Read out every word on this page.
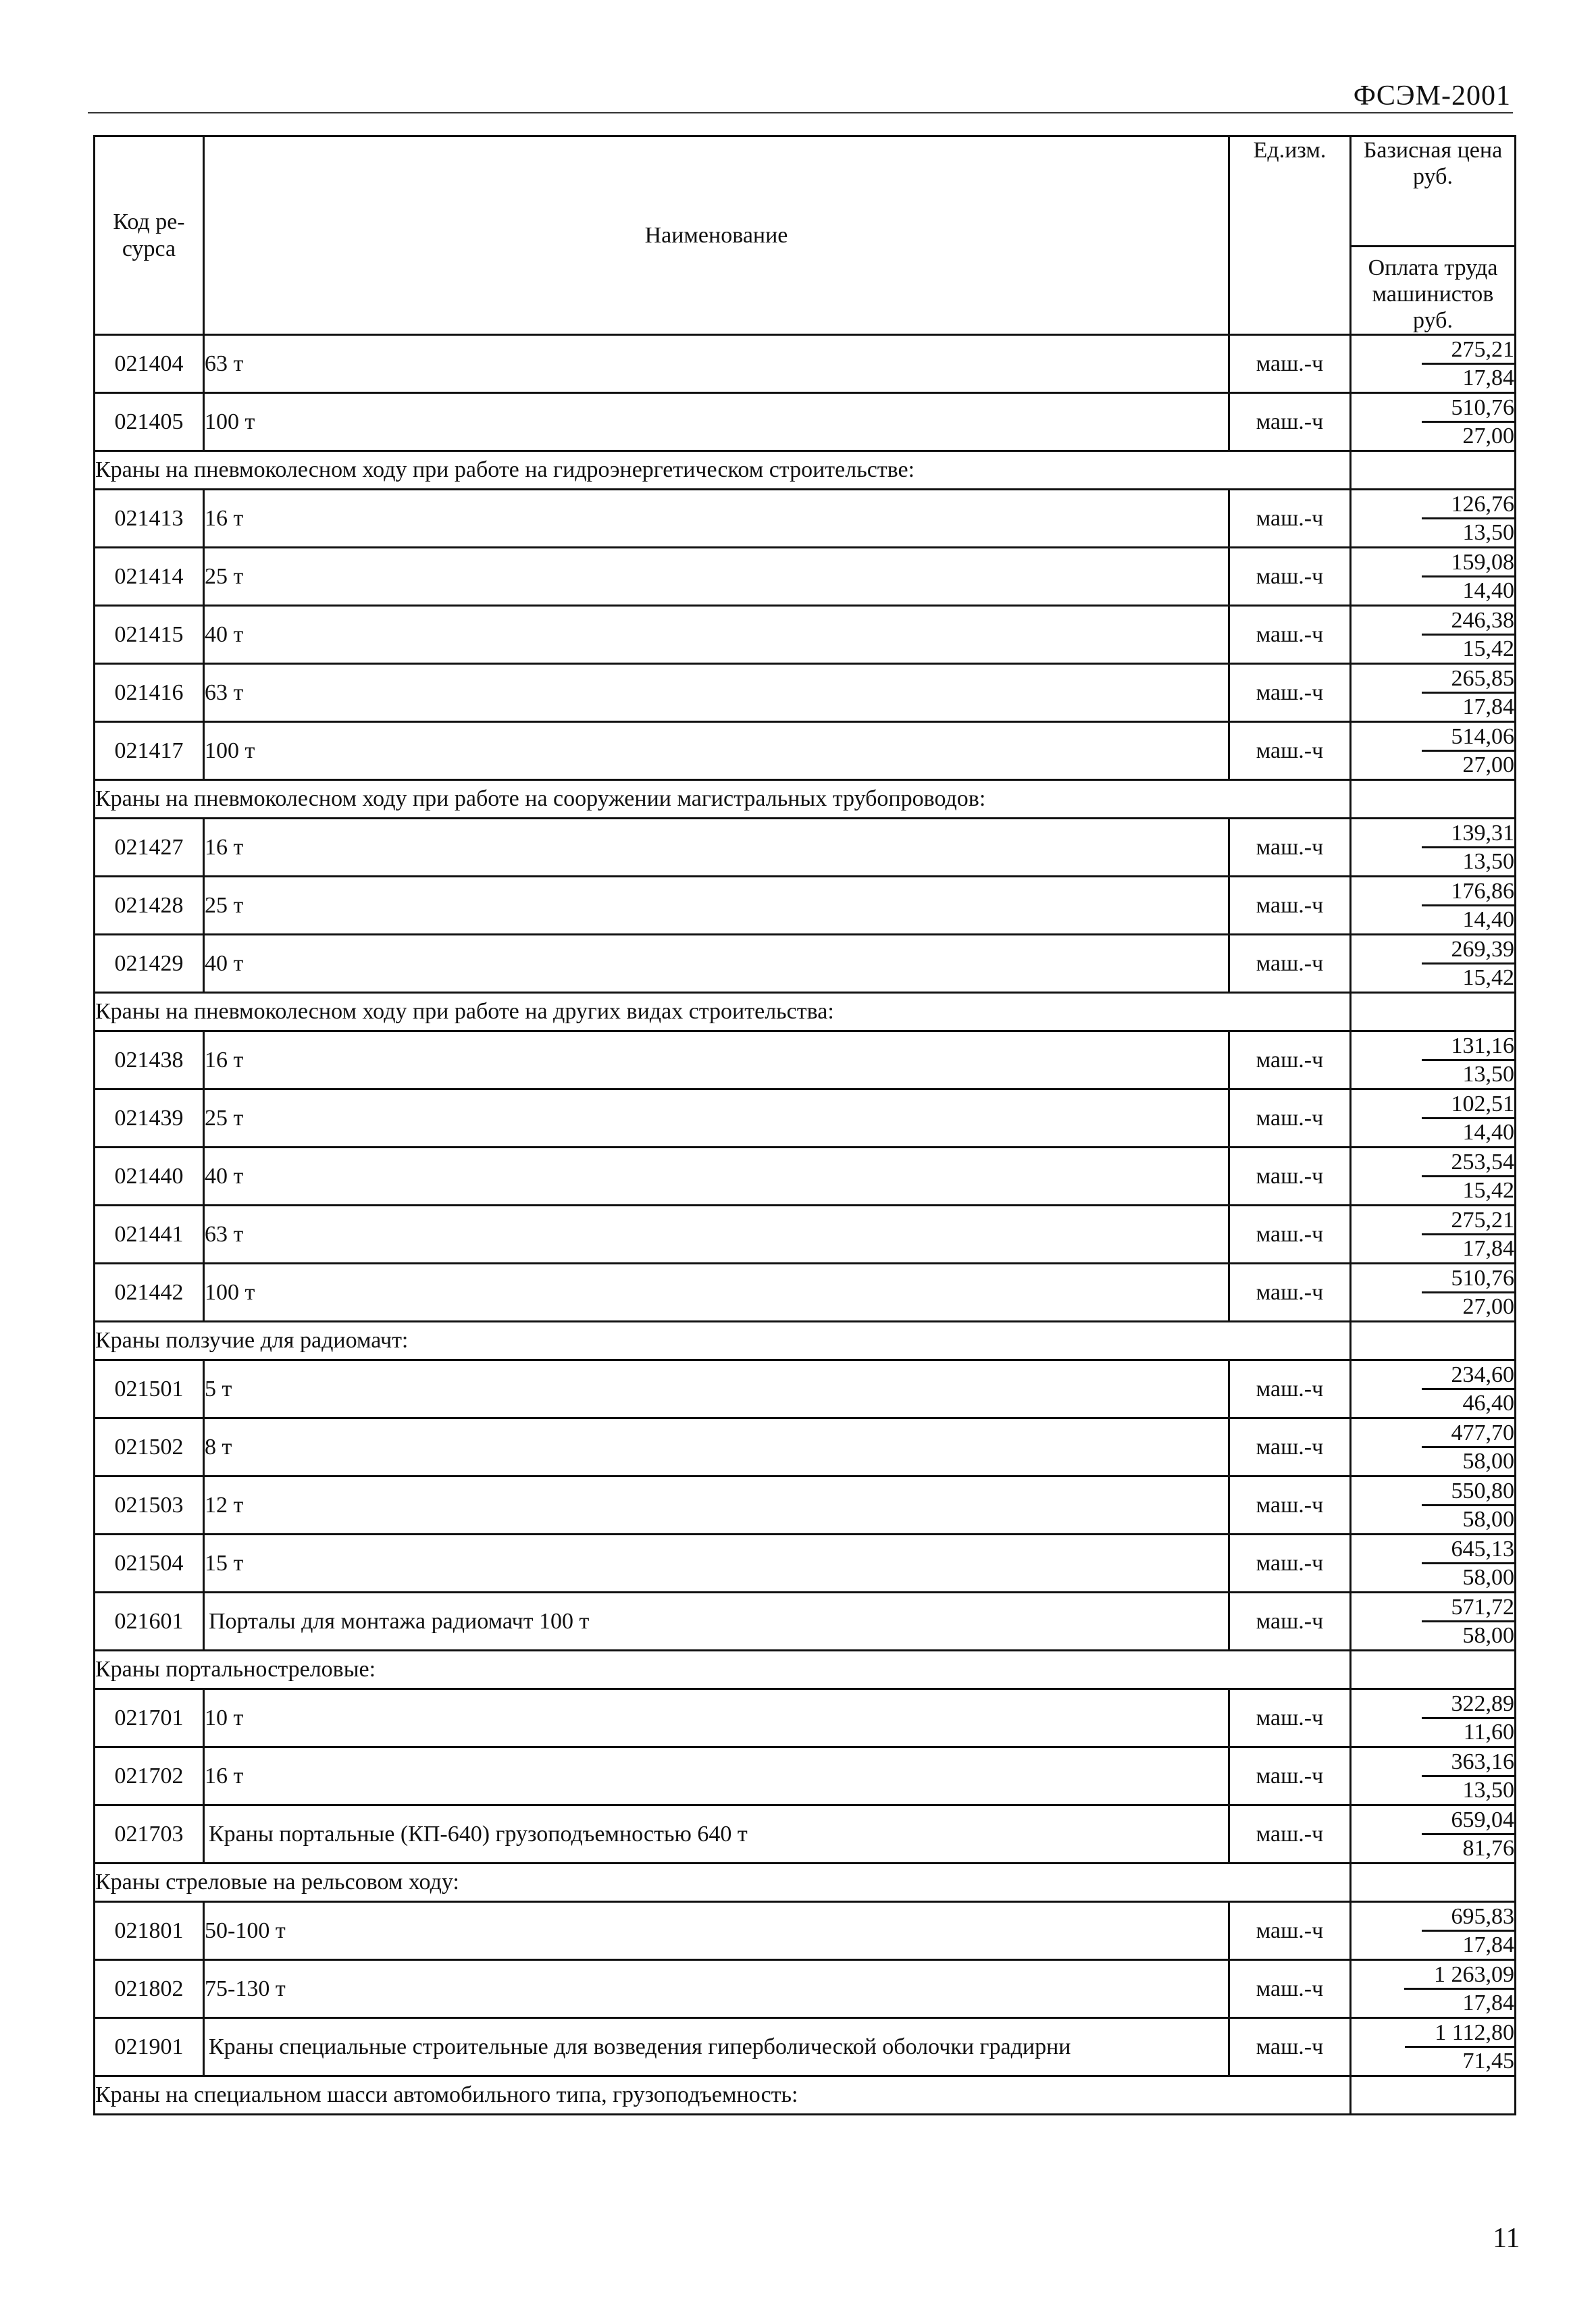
ФСЭМ-2001
Код ре-сурса	Наименование	Ед.изм.	Базисная цена руб.
			Оплата труда машинистов руб.
021404	63 т	маш.-ч	$\frac{275,21}{17,84}$

021405	100 т	маш.-ч	$\frac{510,76}{27,00}$

Краны на пневмоколесном ходу при работе на гидроэнергетическом строительстве:			
021413	16 т	маш.-ч	$\frac{126,76}{13,50}$

021414	25 т	маш.-ч	$\frac{159,08}{14,40}$

021415	40 т	маш.-ч	$\frac{246,38}{15,42}$

021416	63 т	маш.-ч	$\frac{265,85}{17,84}$

021417	100 т	маш.-ч	$\frac{514,06}{27,00}$

Краны на пневмоколесном ходу при работе на сооружении магистральных трубопроводов:			
021427	16 т	маш.-ч	$\frac{139,31}{13,50}$

021428	25 т	маш.-ч	$\frac{176,86}{14,40}$

021429	40 т	маш.-ч	$\frac{269,39}{15,42}$

Краны на пневмоколесном ходу при работе на других видах строительства:			
021438	16 т	маш.-ч	$\frac{131,16}{13,50}$

021439	25 т	маш.-ч	$\frac{102,51}{14,40}$

021440	40 т	маш.-ч	$\frac{253,54}{15,42}$

021441	63 т	маш.-ч	$\frac{275,21}{17,84}$

021442	100 т	маш.-ч	$\frac{510,76}{27,00}$

Краны ползучие для радиомачт:			
021501	5 т	маш.-ч	$\frac{234,60}{46,40}$

021502	8 т	маш.-ч	$\frac{477,70}{58,00}$

021503	12 т	маш.-ч	$\frac{550,80}{58,00}$

021504	15 т	маш.-ч	$\frac{645,13}{58,00}$

021601	Порталы для монтажа радиомачт 100 т	маш.-ч	$\frac{571,72}{58,00}$

Краны портальностреловые:			
021701	10 т	маш.-ч	$\frac{322,89}{11,60}$

021702	16 т	маш.-ч	$\frac{363,16}{13,50}$

021703	Краны портальные (КП-640) грузоподъемностью 640 т	маш.-ч	$\frac{659,04}{81,76}$

Краны стреловые на рельсовом ходу:			
021801	50-100 т	маш.-ч	$\frac{695,83}{17,84}$

021802	75-130 т	маш.-ч	$\frac{1 263,09}{17,84}$

021901	Краны специальные строительные для возведения гиперболической оболочки градирни	маш.-ч	$\frac{1 112,80}{71,45}$

Краны на специальном шасси автомобильного типа, грузоподъемность:			
11
